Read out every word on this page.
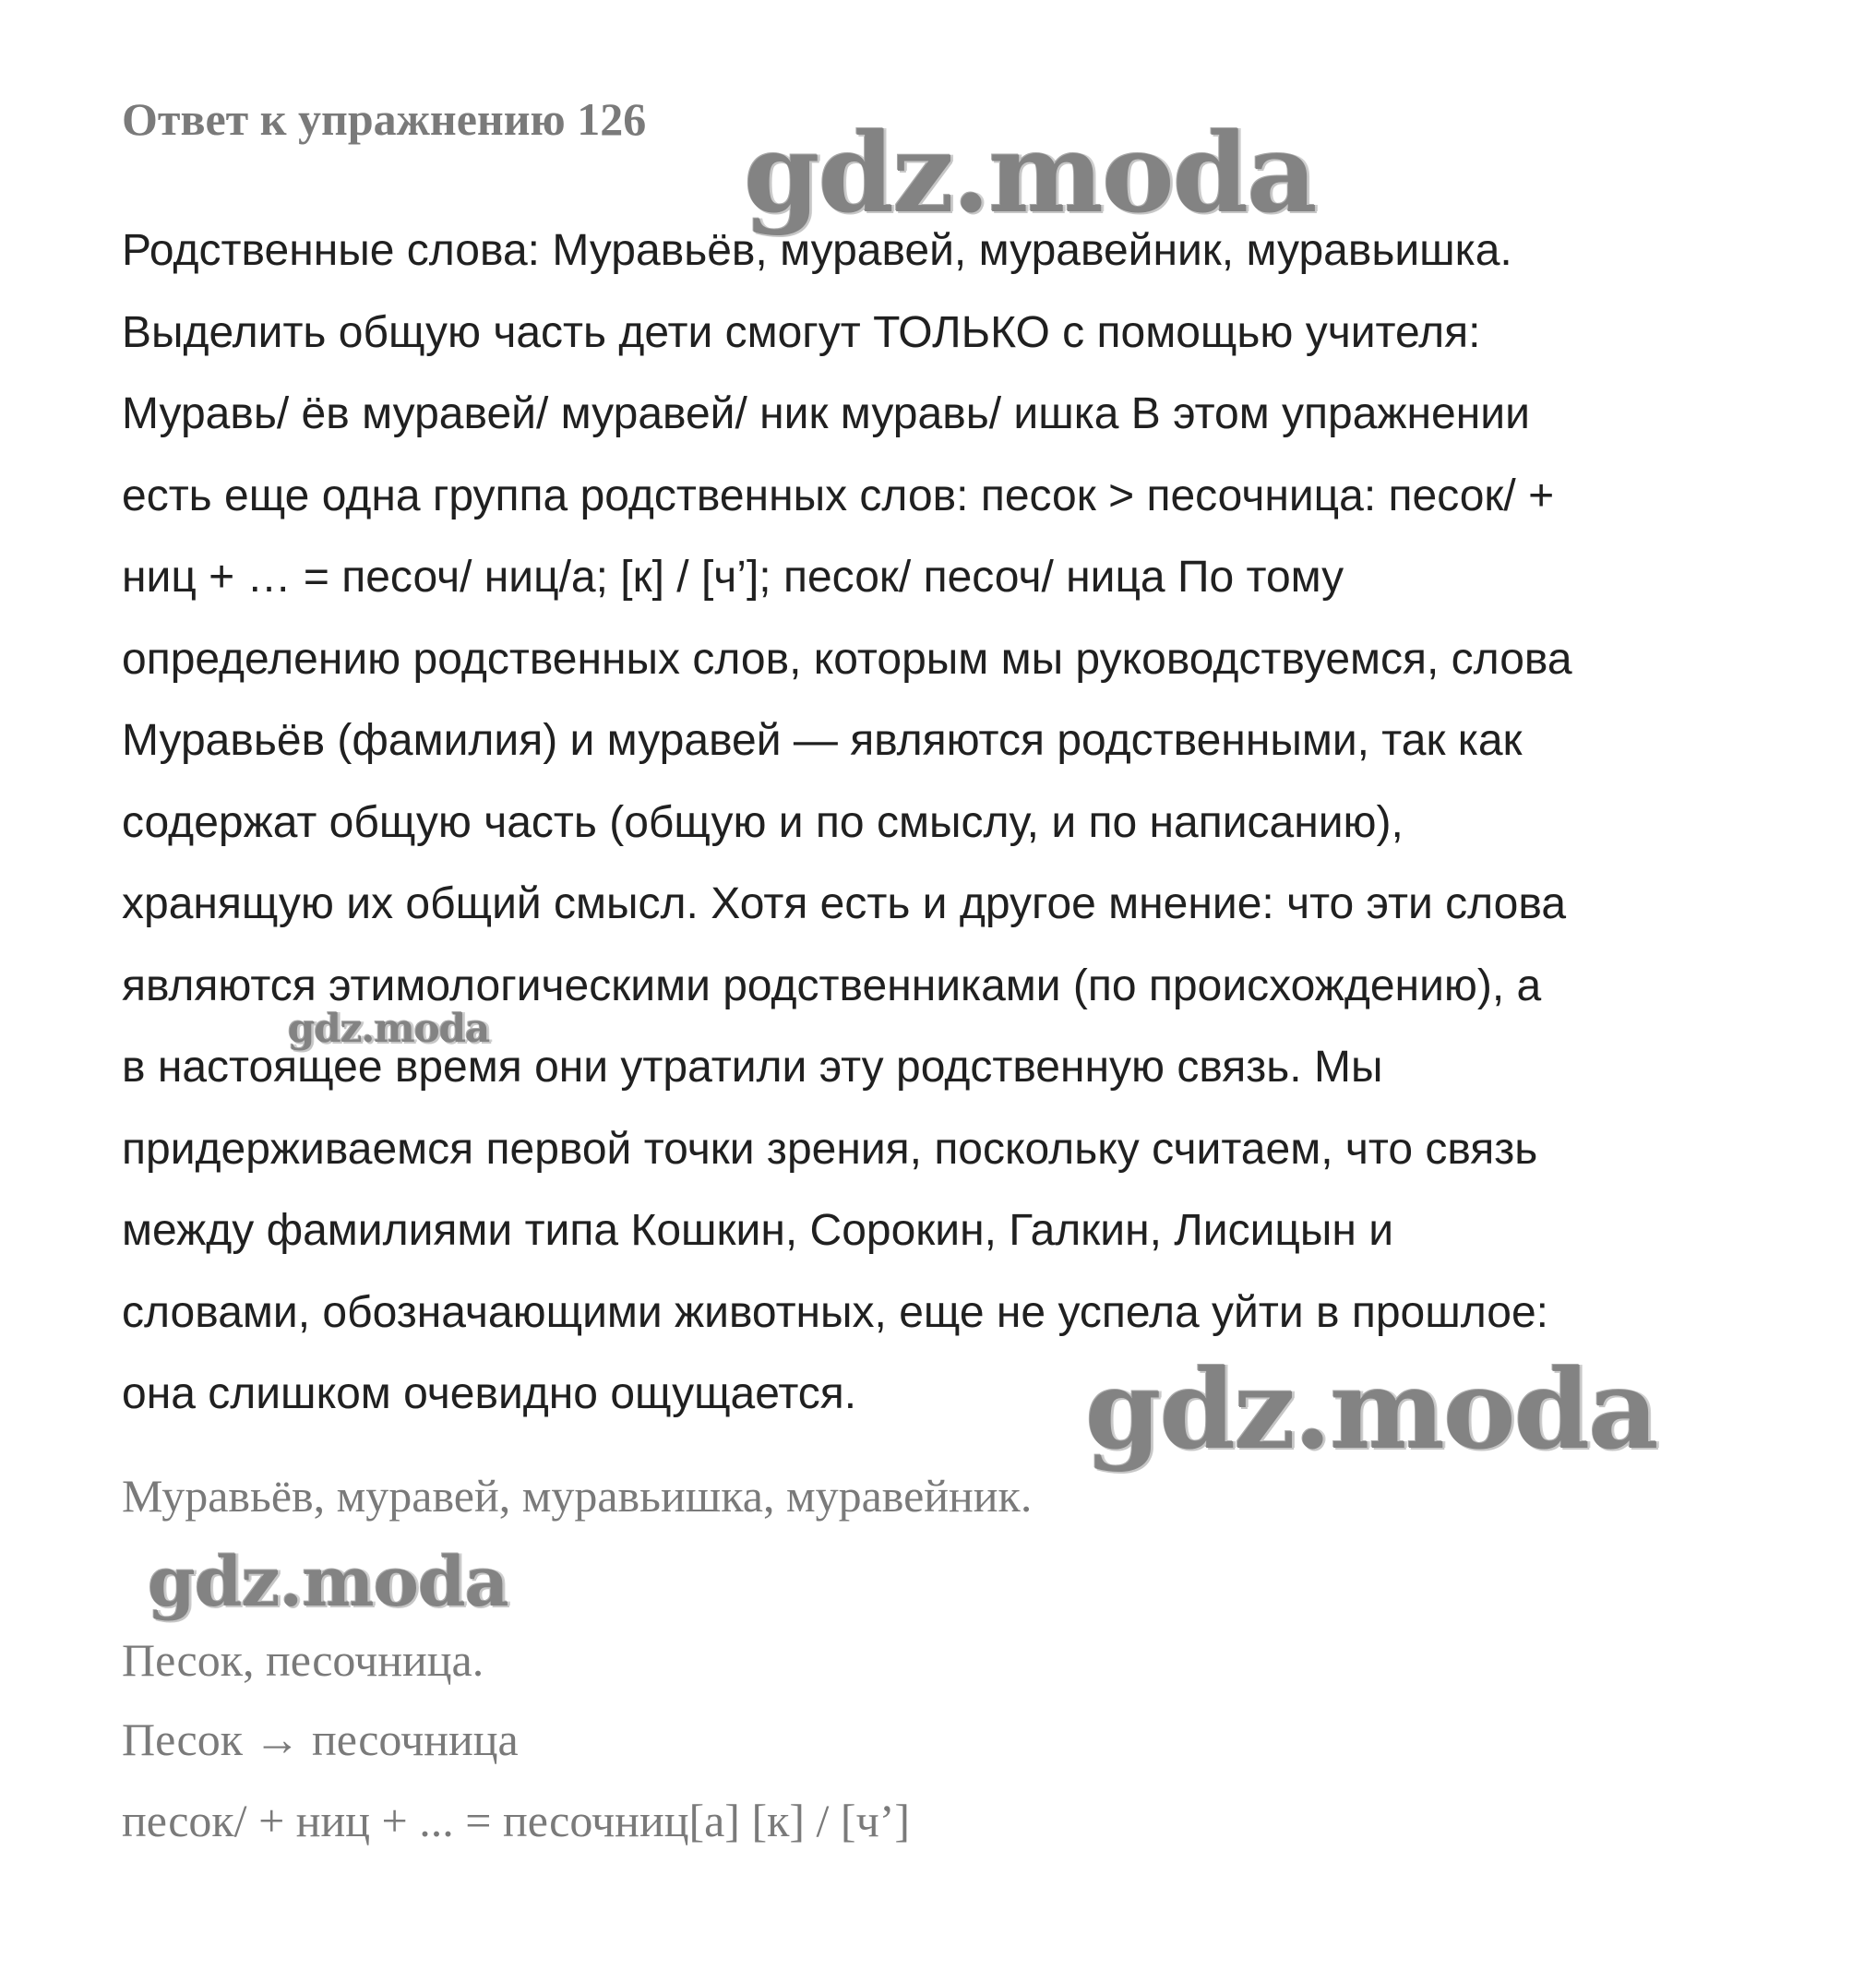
Ответ к упражнению 126 gdz.moda
Родственные слова: Муравьёв, муравей, муравейник, муравьишка.
Выделить общую часть дети смогут ТОЛЬКО с помощью учителя:
Муравь/ ёв муравей/ муравей/ ник муравь/ ишка В этом упражнении
есть еще одна группа родственных слов: песок > песочница: песок/ +
ниц + … = песоч/ ниц/а; [к] / [ч’]; песок/ песоч/ ница По тому
определению родственных слов, которым мы руководствуемся, слова
Муравьёв (фамилия) и муравей — являются родственными, так как
содержат общую часть (общую и по смыслу, и по написанию),
хранящую их общий смысл. Хотя есть и другое мнение: что эти слова
являются этимологическими родственниками (по происхождению), а
в настоящее время они утратили эту родственную связь. Мы
придерживаемся первой точки зрения, поскольку считаем, что связь
между фамилиями типа Кошкин, Сорокин, Галкин, Лисицын и
словами, обозначающими животных, еще не успела уйти в прошлое:
она слишком очевидно ощущается.
gdz.moda
gdz.moda
Муравьёв, муравей, муравьишка, муравейник.
gdz.moda
Песок, песочница.
Песок → песочница
песок/ + ниц + ... = песочниц[а] [к] / [ч’]
